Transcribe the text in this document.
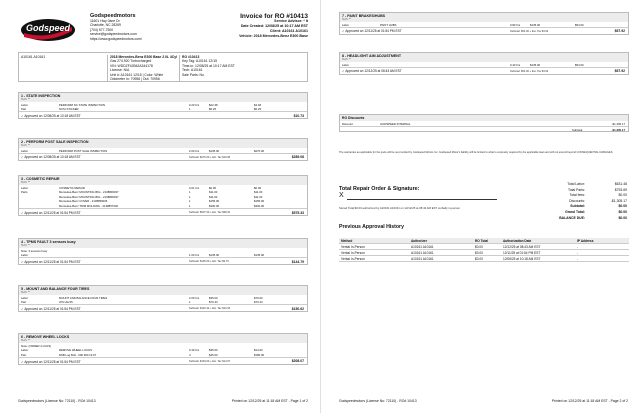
Godspeed
Godspeedmotors
11601 Hwy 0ane Dr
Charlotte, NC 28269
(704) 577-7500
service@godspeedmotors.com
https://www.godspeedmotors.com/
Invoice for RO #10413
Service Advisor: * It
Date Created: 12/08/25 at 10:17 AM EST
Client: A10161 A10161
Vehicle: 2018 Mercedes-Benz E300 Base
A10161 A10161	2018 Mercedes-Benz E300 Base 2.0L 4Cyl
Gas 274.920 Turbocharged
VIN: WDDZF4JB6JA344178
License: N/A
Unit #: A10161 12/15 | Color: White
Odometer In: 70956 | Out: 70956
RO #10413
Key Tag: A10161 12/15
Time-in: 12/08/25 at 10:17 AM EST
Tech: A10161
Sale Parts: No
1 - STATE INSPECTION
Tech: **
Labor	PERFORM NC STATE INSPECTION	0.20 hrs	$22.38	$4.48
Part	NCSI STICKER	1	$6.25	$6.25
✓ Approved on 12/08/25 at 10:18 AM EST	$10.73
2 - PERFORM POST SALE INSPECTION
Tech: **
Labor	PERFORM POST SALE INSPECTION	2.00 hrs	$135.00	$270.00
✓ Approved on 12/08/25 at 10:18 AM EST	Subtotal: $270.00 + Est. Tax $19.08	$289.08
3 - COSMETIC REPAIR
Tech: **
Labor	COSMETIC REPAIR	0.01 hrs	$0.00	$0.00
Parts	Mercedes-Benz MOUNTING BKL - 2138800037	1	$11.00	$11.00
Mercedes-Benz MOUNTING BKL - 2138800037	1	$11.00	$11.00
Mercedes-Benz COVER - 2138850006	1	$155.00	$155.00
Mercedes-Benz TRIM MOLDING - 2138857000	1	$300.00	$300.00
✓ Approved on 12/11/25 at 01:54 PM EST	Subtotal: $537.00 + Est. Tax $38.32	$575.33
4 - TPMS FAULT 3 sensors busy
Tech: **
Note: 3 sensors busy
Labor	1.00 hrs	$135.00	$135.00
✓ Approved on 12/11/25 at 01:54 PM EST	Subtotal: $135.00 + Est. Tax $9.79	$144.79
5 - MOUNT AND BALANCE FOUR TIRES
Tech: **
Labor	MOUNT AND BALANCE FOUR TIRES	2.00 hrs	$35.00	$70.00
Part	OIS HG/15	1	$70.44	$70.44
✓ Approved on 12/11/25 at 01:54 PM EST	Subtotal: $140.44 + Est. Tax $10.18	$150.62
6 - REMOVE WHEEL LOCKS
Tech: **
Note: (ORDER 4 LUGS)
Labor	REMOVE WHEEL LOCKS	0.40 hrs	$35.00	$14.00
Part	RSB Lug Bolt - 000 990 19 07	4	$45.00	$180.00
✓ Approved on 12/11/25 at 01:54 PM EST	Subtotal: $194.00 + Est. Tax $14.07	$208.07
Godspeedmotors (License No: 72110) - RO# 10413	Printed on 12/12/25 at 11:18 AM EST - Page 1 of 2
7 - PAINT BRAKES/HUBS
Tech: **
Labor	PAINT HUBS	0.80 hrs	$135.00	$54.00
✓ Approved on 12/11/25 at 01:54 PM EST	Subtotal: $54.00 + Est. Tax $3.92	$57.92
8 - HEADLIGHT AIM ADJUSTMENT
Tech: **
Labor	0.40 hrs	$135.00	$54.00
✓ Approved on 12/12/25 at 08:43 AM EST	Subtotal: $54.00 + Est. Tax $3.92	$57.92
RO Discounts
Discount	GODSPEED INTERNAL	-$1,305.17
Subtotal	-$1,305.17
The warranties as applicable for the parts will be as provided by Godspeed Motors Inc. Godspeed Motor's liability will be limited to what is expressly required by the applicable laws and will not extend beyond CONSEQUENTIAL DAMAGES.
Total Repair Order & Signature:
Total Labor:	$631.48
Total Parts:	$793.69
Total fees:	$0.00
Discounts:	-$1,305.17
Subtotal:	$0.00
Grand Total:	$0.00
BALANCE DUE:	$0.00
X
Stored Total $0.00 authorized by A10161 A10161 on 12/12/25 at 08:43 AM EST verbally in-person
Previous Approval History
Method	Authorizer	RO Total	Authorization Date	IP Address
Verbal In-Person	A10161 A10161	$0.00	12/12/25 at 08:43 AM EST	-
Verbal In-Person	A10161 A10161	$0.00	12/11/25 at 01:54 PM EST	-
Verbal In-Person	A10161 A10161	$0.00	12/08/25 at 10:18 AM EST	-
Godspeedmotors (License No: 72110) - RO# 10413	Printed on 12/12/25 at 11:18 AM EST - Page 2 of 2
